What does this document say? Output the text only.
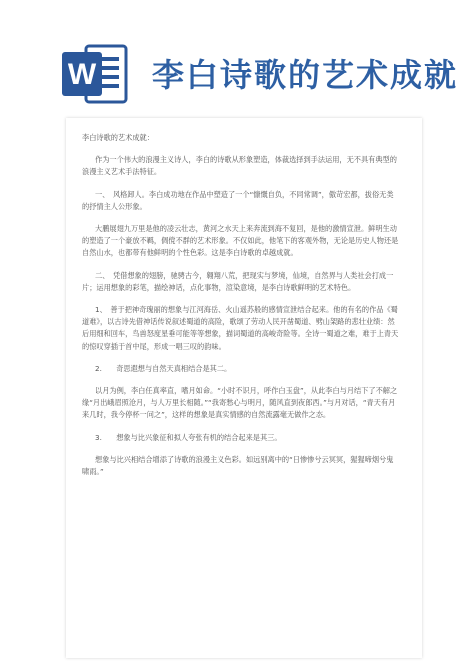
W 李白诗歌的艺术成就

李白诗歌的艺术成就：

作为一个伟大的浪漫主义诗人，李白的诗歌从形象塑造，体裁选择到手法运用，无不具有典型的浪漫主义艺术手法特征。

一、　风格卸人。李白成功地在作品中塑造了一个“慷慨自负，不同常调”，傲苛宏都，拔俗无类的抒情主人公形象。

大鹏展翅九万里是他的凌云壮志，黄河之水天上来奔流到海不复回，是他的激情宣泄。鲜明生动的塑造了一个豪放不羁，倜傥不群的艺术形象。不仅如此，他笔下的客观外物，无论是历史人物还是自然山水，也都带有他鲜明的个性色彩。这是李白诗歌的卓越成就。

二、　凭借想象的翅膀，驰骋古今，翱翔八荒，把现实与梦境，仙境，自然界与人类社会打成一片；运用想象的彩笔，描绘神话，点化事物，渲染意境，是李白诗歌鲜明的艺术特色。

1、　善于把神奇瑰丽的想象与江河海岳、火山遥苏般的感情宣泄结合起来。他的有名的作品《蜀道难》，以古诗先借神话传说叙述蜀道的高险，歌颂了劳动人民开凿蜀道、劈山架路的悲壮业绩：然后用细和回车，鸟兽怒度星垂可能等等想象，描词蜀道的高峻奇险等。全诗一蜀道之难，难于上青天的惊叹穿插于首中尾，形成一唱三叹的韵味。

2.　　奇思遐想与自然天真相结合是其二。

以月为例，李白任真率直，嗜月如命。“小时不识月，呼作白玉盘”，从此李白与月结下了不解之缘“月出峨眉照沧月，与人万里长相随。”“我寄愁心与明月，随风直到夜郎西。”与月对话，“青天有月来几时，我今停杯一问之”，这样的想象是真实情感的自然流露毫无做作之态。

3.　　想象与比兴象征和拟人夸张有机的结合起来是其三。

想象与比兴相结合增添了诗歌的浪漫主义色彩。如远别离中的“日惨惨兮云冥冥，猩猩啼烟兮鬼啸雨。”
